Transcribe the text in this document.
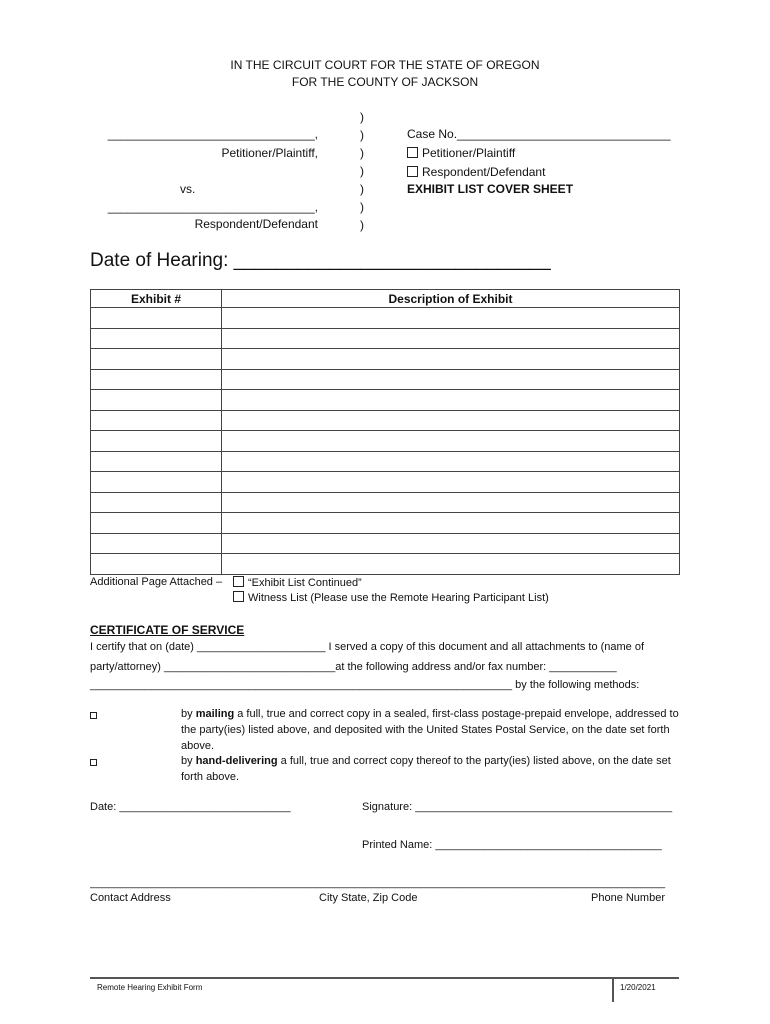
IN THE CIRCUIT COURT FOR THE STATE OF OREGON
FOR THE COUNTY OF JACKSON
)
)
)
)
)
)
)
_______________________________,
Petitioner/Plaintiff,
vs.
_______________________________,
Respondent/Defendant
Case No.________________________________
Petitioner/Plaintiff
Respondent/Defendant
EXHIBIT LIST COVER SHEET
Date of Hearing: ______________________________
Exhibit #	Description of Exhibit

Additional Page Attached –	“Exhibit List Continued”
Witness List (Please use the Remote Hearing Participant List)
CERTIFICATE OF SERVICE
I certify that on (date) _____________________ I served a copy of this document and all attachments to (name of
party/attorney) ____________________________at the following address and/or fax number: ___________
_____________________________________________________________________ by the following methods:
by mailing a full, true and correct copy in a sealed, first-class postage-prepaid envelope, addressed to the party(ies) listed above, and deposited with the United States Postal Service, on the date set forth above.
by hand-delivering a full, true and correct copy thereof to the party(ies) listed above, on the date set forth above.
Date: ____________________________	Signature: __________________________________________
Printed Name: _____________________________________
______________________________________________________________________________________________
Contact Address	City State, Zip Code	Phone Number
Remote Hearing Exhibit Form	1/20/2021
